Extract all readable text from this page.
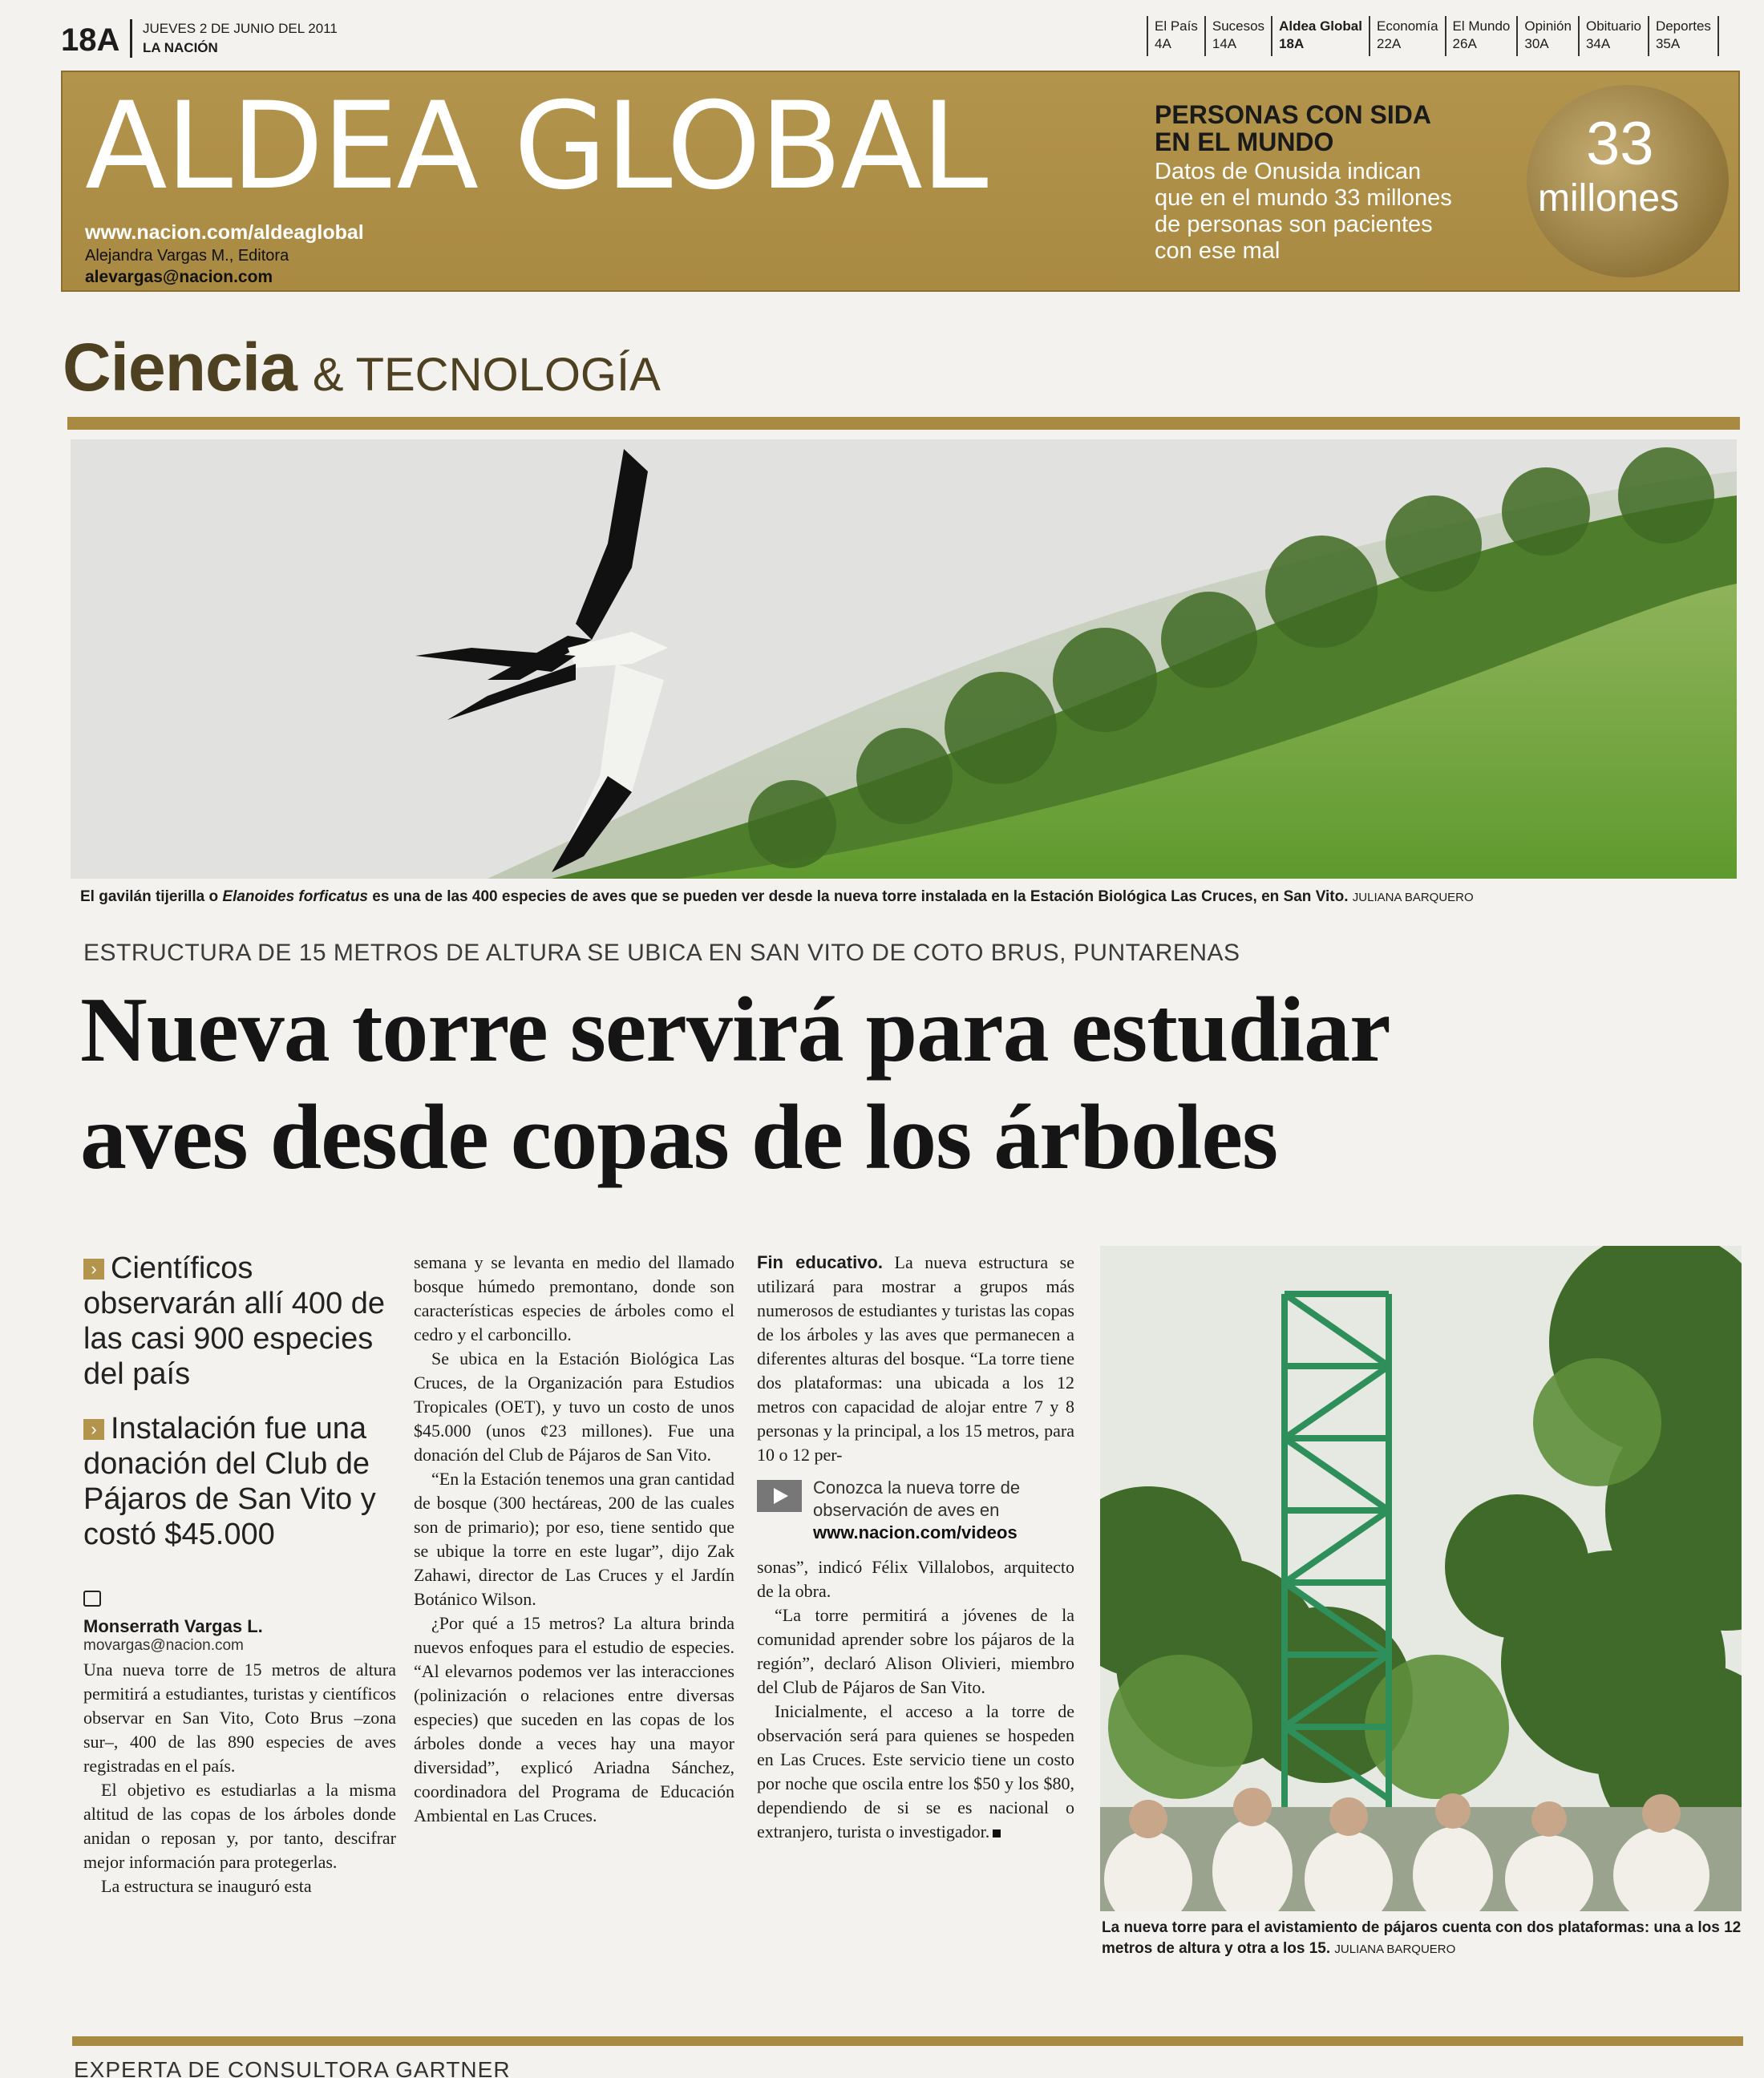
18A JUEVES 2 DE JUNIO DEL 2011
LA NACIÓN
El País
4A
Sucesos
14A
Aldea Global
18A
Economía
22A
El Mundo
26A
Opinión
30A
Obituario
34A
Deportes
35A
ALDEA GLOBAL
www.nacion.com/aldeaglobal
Alejandra Vargas M., Editora
alevargas@nacion.com
PERSONAS CON SIDA EN EL MUNDO
Datos de Onusida indican que en el mundo 33 millones de personas son pacientes con ese mal
33
millones
Ciencia & TECNOLOGÍA
El gavilán tijerilla o Elanoides forficatus es una de las 400 especies de aves que se pueden ver desde la nueva torre instalada en la Estación Biológica Las Cruces, en San Vito. JULIANA BARQUERO
ESTRUCTURA DE 15 METROS DE ALTURA SE UBICA EN SAN VITO DE COTO BRUS, PUNTARENAS
Nueva torre servirá para estudiar
aves desde copas de los árboles
› Científicos observarán allí 400 de las casi 900 especies del país
› Instalación fue una donación del Club de Pájaros de San Vito y costó $45.000
Monserrath Vargas L.
movargas@nacion.com

Una nueva torre de 15 metros de altura permitirá a estudiantes, turistas y científicos observar en San Vito, Coto Brus –zona sur–, 400 de las 890 especies de aves registradas en el país.

El objetivo es estudiarlas a la misma altitud de las copas de los árboles donde anidan o reposan y, por tanto, descifrar mejor información para protegerlas.

La estructura se inauguró esta

semana y se levanta en medio del llamado bosque húmedo premontano, donde son características especies de árboles como el cedro y el carboncillo.

Se ubica en la Estación Biológica Las Cruces, de la Organización para Estudios Tropicales (OET), y tuvo un costo de unos $45.000 (unos ¢23 millones). Fue una donación del Club de Pájaros de San Vito.

“En la Estación tenemos una gran cantidad de bosque (300 hectáreas, 200 de las cuales son de primario); por eso, tiene sentido que se ubique la torre en este lugar”, dijo Zak Zahawi, director de Las Cruces y el Jardín Botánico Wilson.

¿Por qué a 15 metros? La altura brinda nuevos enfoques para el estudio de especies. “Al elevarnos podemos ver las interacciones (polinización o relaciones entre diversas especies) que suceden en las copas de los árboles donde a veces hay una mayor diversidad”, explicó Ariadna Sánchez, coordinadora del Programa de Educación Ambiental en Las Cruces.

Fin educativo. La nueva estructura se utilizará para mostrar a grupos más numerosos de estudiantes y turistas las copas de los árboles y las aves que permanecen a diferentes alturas del bosque. “La torre tiene dos plataformas: una ubicada a los 12 metros con capacidad de alojar entre 7 y 8 personas y la principal, a los 15 metros, para 10 o 12 per-

Conozca la nueva torre de observación de aves en
www.nacion.com/videos

sonas”, indicó Félix Villalobos, arquitecto de la obra.

“La torre permitirá a jóvenes de la comunidad aprender sobre los pájaros de la región”, declaró Alison Olivieri, miembro del Club de Pájaros de San Vito.

Inicialmente, el acceso a la torre de observación será para quienes se hospeden en Las Cruces. Este servicio tiene un costo por noche que oscila entre los $50 y los $80, dependiendo de si se es nacional o extranjero, turista o investigador.

La nueva torre para el avistamiento de pájaros cuenta con dos plataformas: una a los 12 metros de altura y otra a los 15. JULIANA BARQUERO
EXPERTA DE CONSULTORA GARTNER
